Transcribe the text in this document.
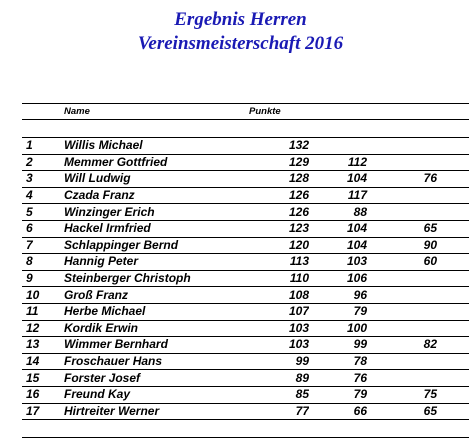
Ergebnis Herren
Vereinsmeisterschaft 2016
	Name	Punkte			

1	Willis Michael	132			
2	Memmer Gottfried	129	112		
3	Will Ludwig	128	104	76	
4	Czada Franz	126	117		
5	Winzinger Erich	126	88		
6	Hackel Irmfried	123	104	65	
7	Schlappinger Bernd	120	104	90	
8	Hannig Peter	113	103	60	
9	Steinberger Christoph	110	106		
10	Groß Franz	108	96		
11	Herbe Michael	107	79		
12	Kordik Erwin	103	100		
13	Wimmer Bernhard	103	99	82	
14	Froschauer Hans	99	78		
15	Forster Josef	89	76		
16	Freund Kay	85	79	75	
17	Hirtreiter Werner	77	66	65	
